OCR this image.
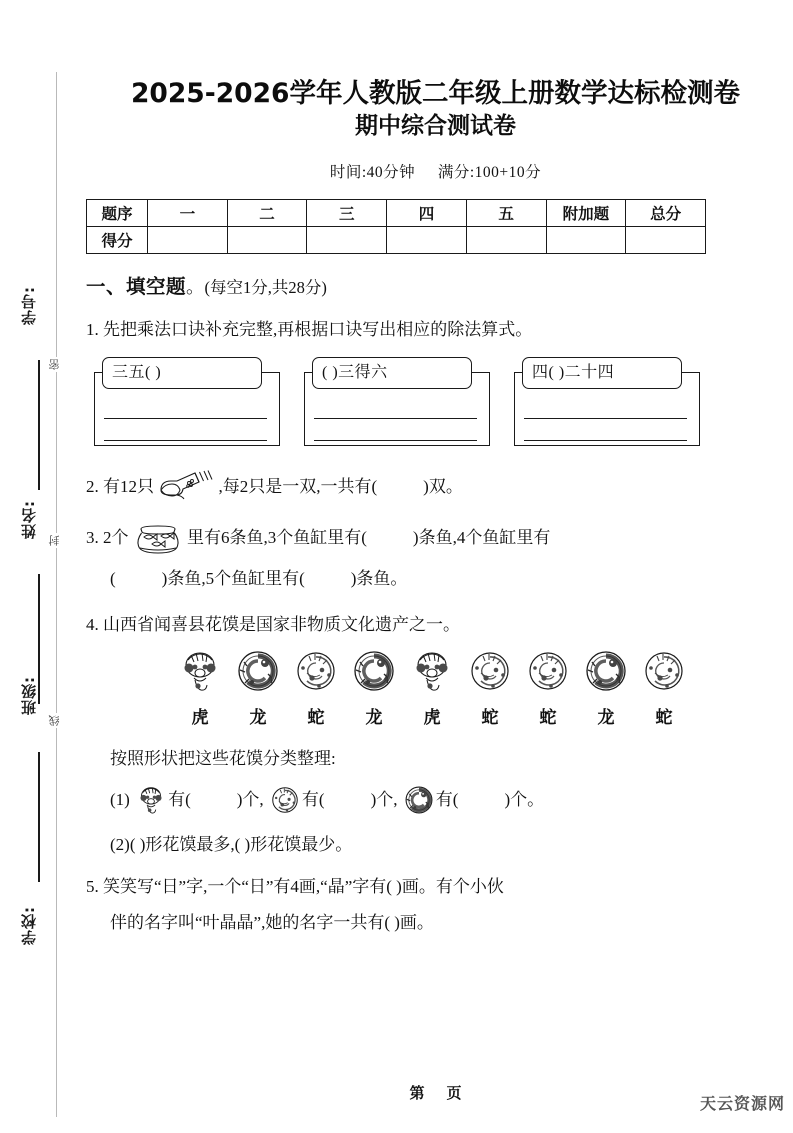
学号:
姓名:
班级:
学校:
密
封
线
2025-2026学年人教版二年级上册数学达标检测卷
期中综合测试卷

时间:40分钟 满分:100+10分

题序	一	二	三	四	五	附加题	总分
得分							
一、填空题。(每空1分,共28分)
1. 先把乘法口诀补充完整,再根据口诀写出相应的除法算式。
三五( )	( )三得六	四( )二十四
2. 有12只	,每2只是一双,一共有(	)双。
3. 2个	里有6条鱼,3个鱼缸里有(	)条鱼,4个鱼缸里有
(	)条鱼,5个鱼缸里有(	)条鱼。
4. 山西省闻喜县花馍是国家非物质文化遗产之一。
虎	龙	蛇	龙	虎	蛇	蛇	龙	蛇
按照形状把这些花馍分类整理:
(1) 有(	)个, 有(	)个, 有(	)个。
(2)( )形花馍最多,( )形花馍最少。
5. 笑笑写“日”字,一个“日”有4画,“晶”字有( )画。有个小伙
伴的名字叫“叶晶晶”,她的名字一共有( )画。
第 页
天云资源网
